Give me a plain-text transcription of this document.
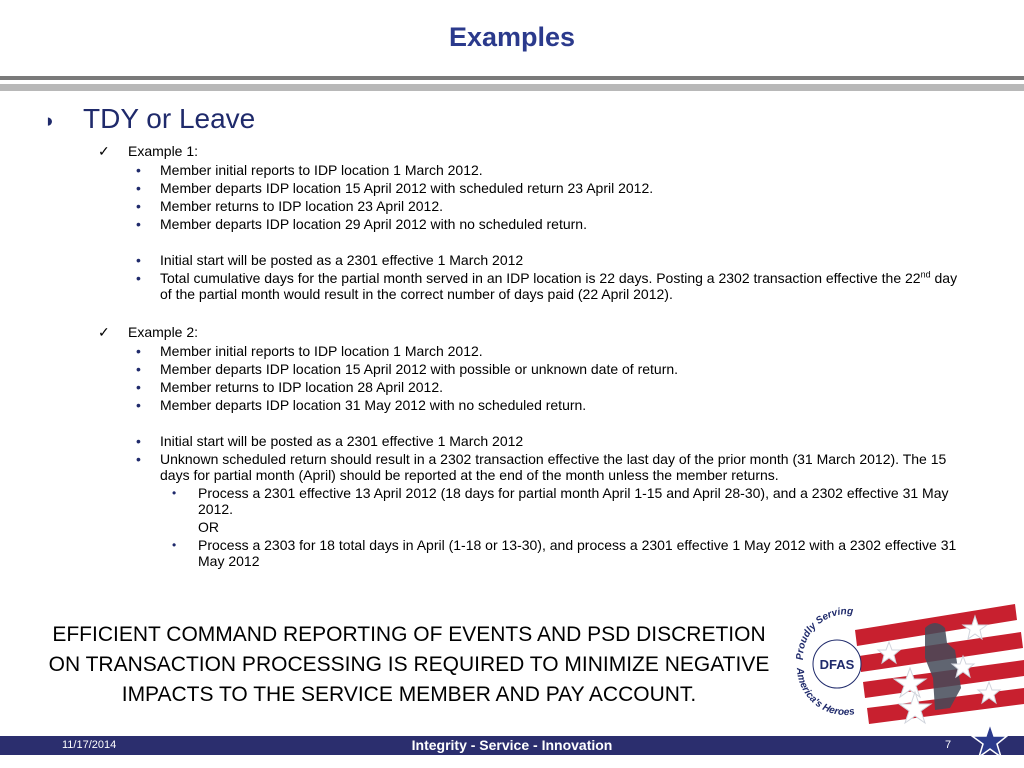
Examples
◗ TDY or Leave
✓ Example 1:
• Member initial reports to IDP location 1 March 2012.
• Member departs IDP location 15 April 2012 with scheduled return 23 April 2012.
• Member returns to IDP location 23 April 2012.
• Member departs IDP location 29 April 2012 with no scheduled return.
• Initial start will be posted as a 2301 effective 1 March 2012
• Total cumulative days for the partial month served in an IDP location is 22 days. Posting a 2302 transaction effective the 22nd day of the partial month would result in the correct number of days paid (22 April 2012).
✓ Example 2:
• Member initial reports to IDP location 1 March 2012.
• Member departs IDP location 15 April 2012 with possible or unknown date of return.
• Member returns to IDP location 28 April 2012.
• Member departs IDP location 31 May 2012 with no scheduled return.
• Initial start will be posted as a 2301 effective 1 March 2012
• Unknown scheduled return should result in a 2302 transaction effective the last day of the prior month (31 March 2012). The 15 days for partial month (April) should be reported at the end of the month unless the member returns.
• Process a 2301 effective 13 April 2012 (18 days for partial month April 1-15 and April 28-30), and a 2302 effective 31 May 2012.
OR
• Process a 2303 for 18 total days in April (1-18 or 13-30), and process a 2301 effective 1 May 2012 with a 2302 effective 31 May 2012
EFFICIENT COMMAND REPORTING OF EVENTS AND PSD DISCRETION ON TRANSACTION PROCESSING IS REQUIRED TO MINIMIZE NEGATIVE IMPACTS TO THE SERVICE MEMBER AND PAY ACCOUNT.
DFAS
Proudly Serving
America's Heroes
11/17/2014	Integrity - Service - Innovation	7
